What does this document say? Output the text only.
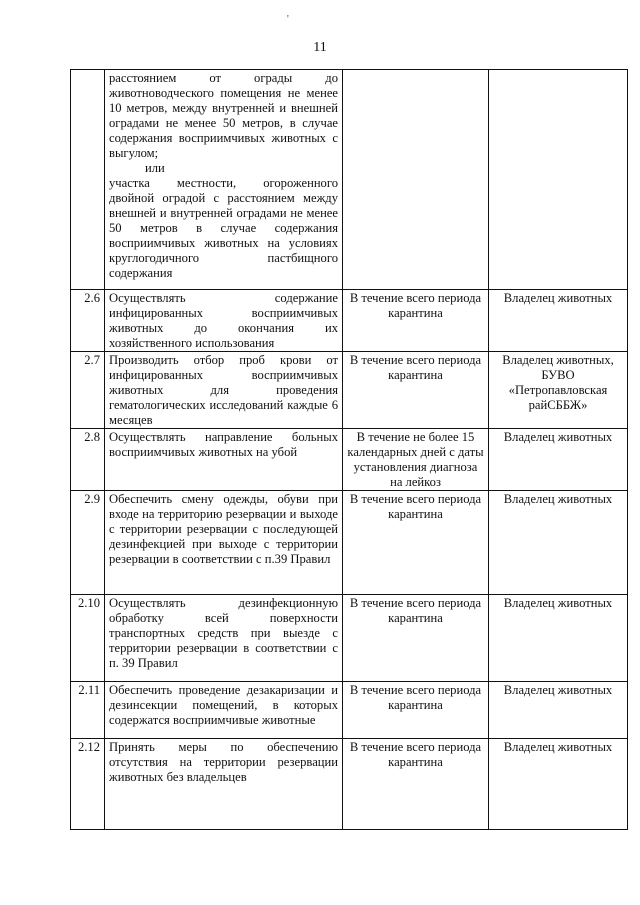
'
11
	расстоянием от ограды до животноводческого помещения не менее 10 метров, между внутренней и внешней оградами не менее 50 метров, в случае содержания восприимчивых животных с выгулом;
или
участка местности, огороженного двойной оградой с расстоянием между внешней и внутренней оградами не менее 50 метров в случае содержания восприимчивых животных на условиях круглогодичного пастбищного содержания		
2.6	Осуществлять содержание инфицированных восприимчивых животных до окончания их хозяйственного использования	В течение всего периода карантина	Владелец животных
2.7	Производить отбор проб крови от инфицированных восприимчивых животных для проведения гематологических исследований каждые 6 месяцев	В течение всего периода карантина	Владелец животных, БУВО «Петропавловская райСББЖ»
2.8	Осуществлять направление больных восприимчивых животных на убой	В течение не более 15 календарных дней с даты установления диагноза на лейкоз	Владелец животных
2.9	Обеспечить смену одежды, обуви при входе на территорию резервации и выходе с территории резервации с последующей дезинфекцией при выходе с территории резервации в соответствии с п.39 Правил	В течение всего периода карантина	Владелец животных
2.10	Осуществлять дезинфекционную обработку всей поверхности транспортных средств при выезде с территории резервации в соответствии с п. 39 Правил	В течение всего периода карантина	Владелец животных
2.11	Обеспечить проведение дезакаризации и дезинсекции помещений, в которых содержатся восприимчивые животные	В течение всего периода карантина	Владелец животных
2.12	Принять меры по обеспечению отсутствия на территории резервации животных без владельцев	В течение всего периода карантина	Владелец животных
